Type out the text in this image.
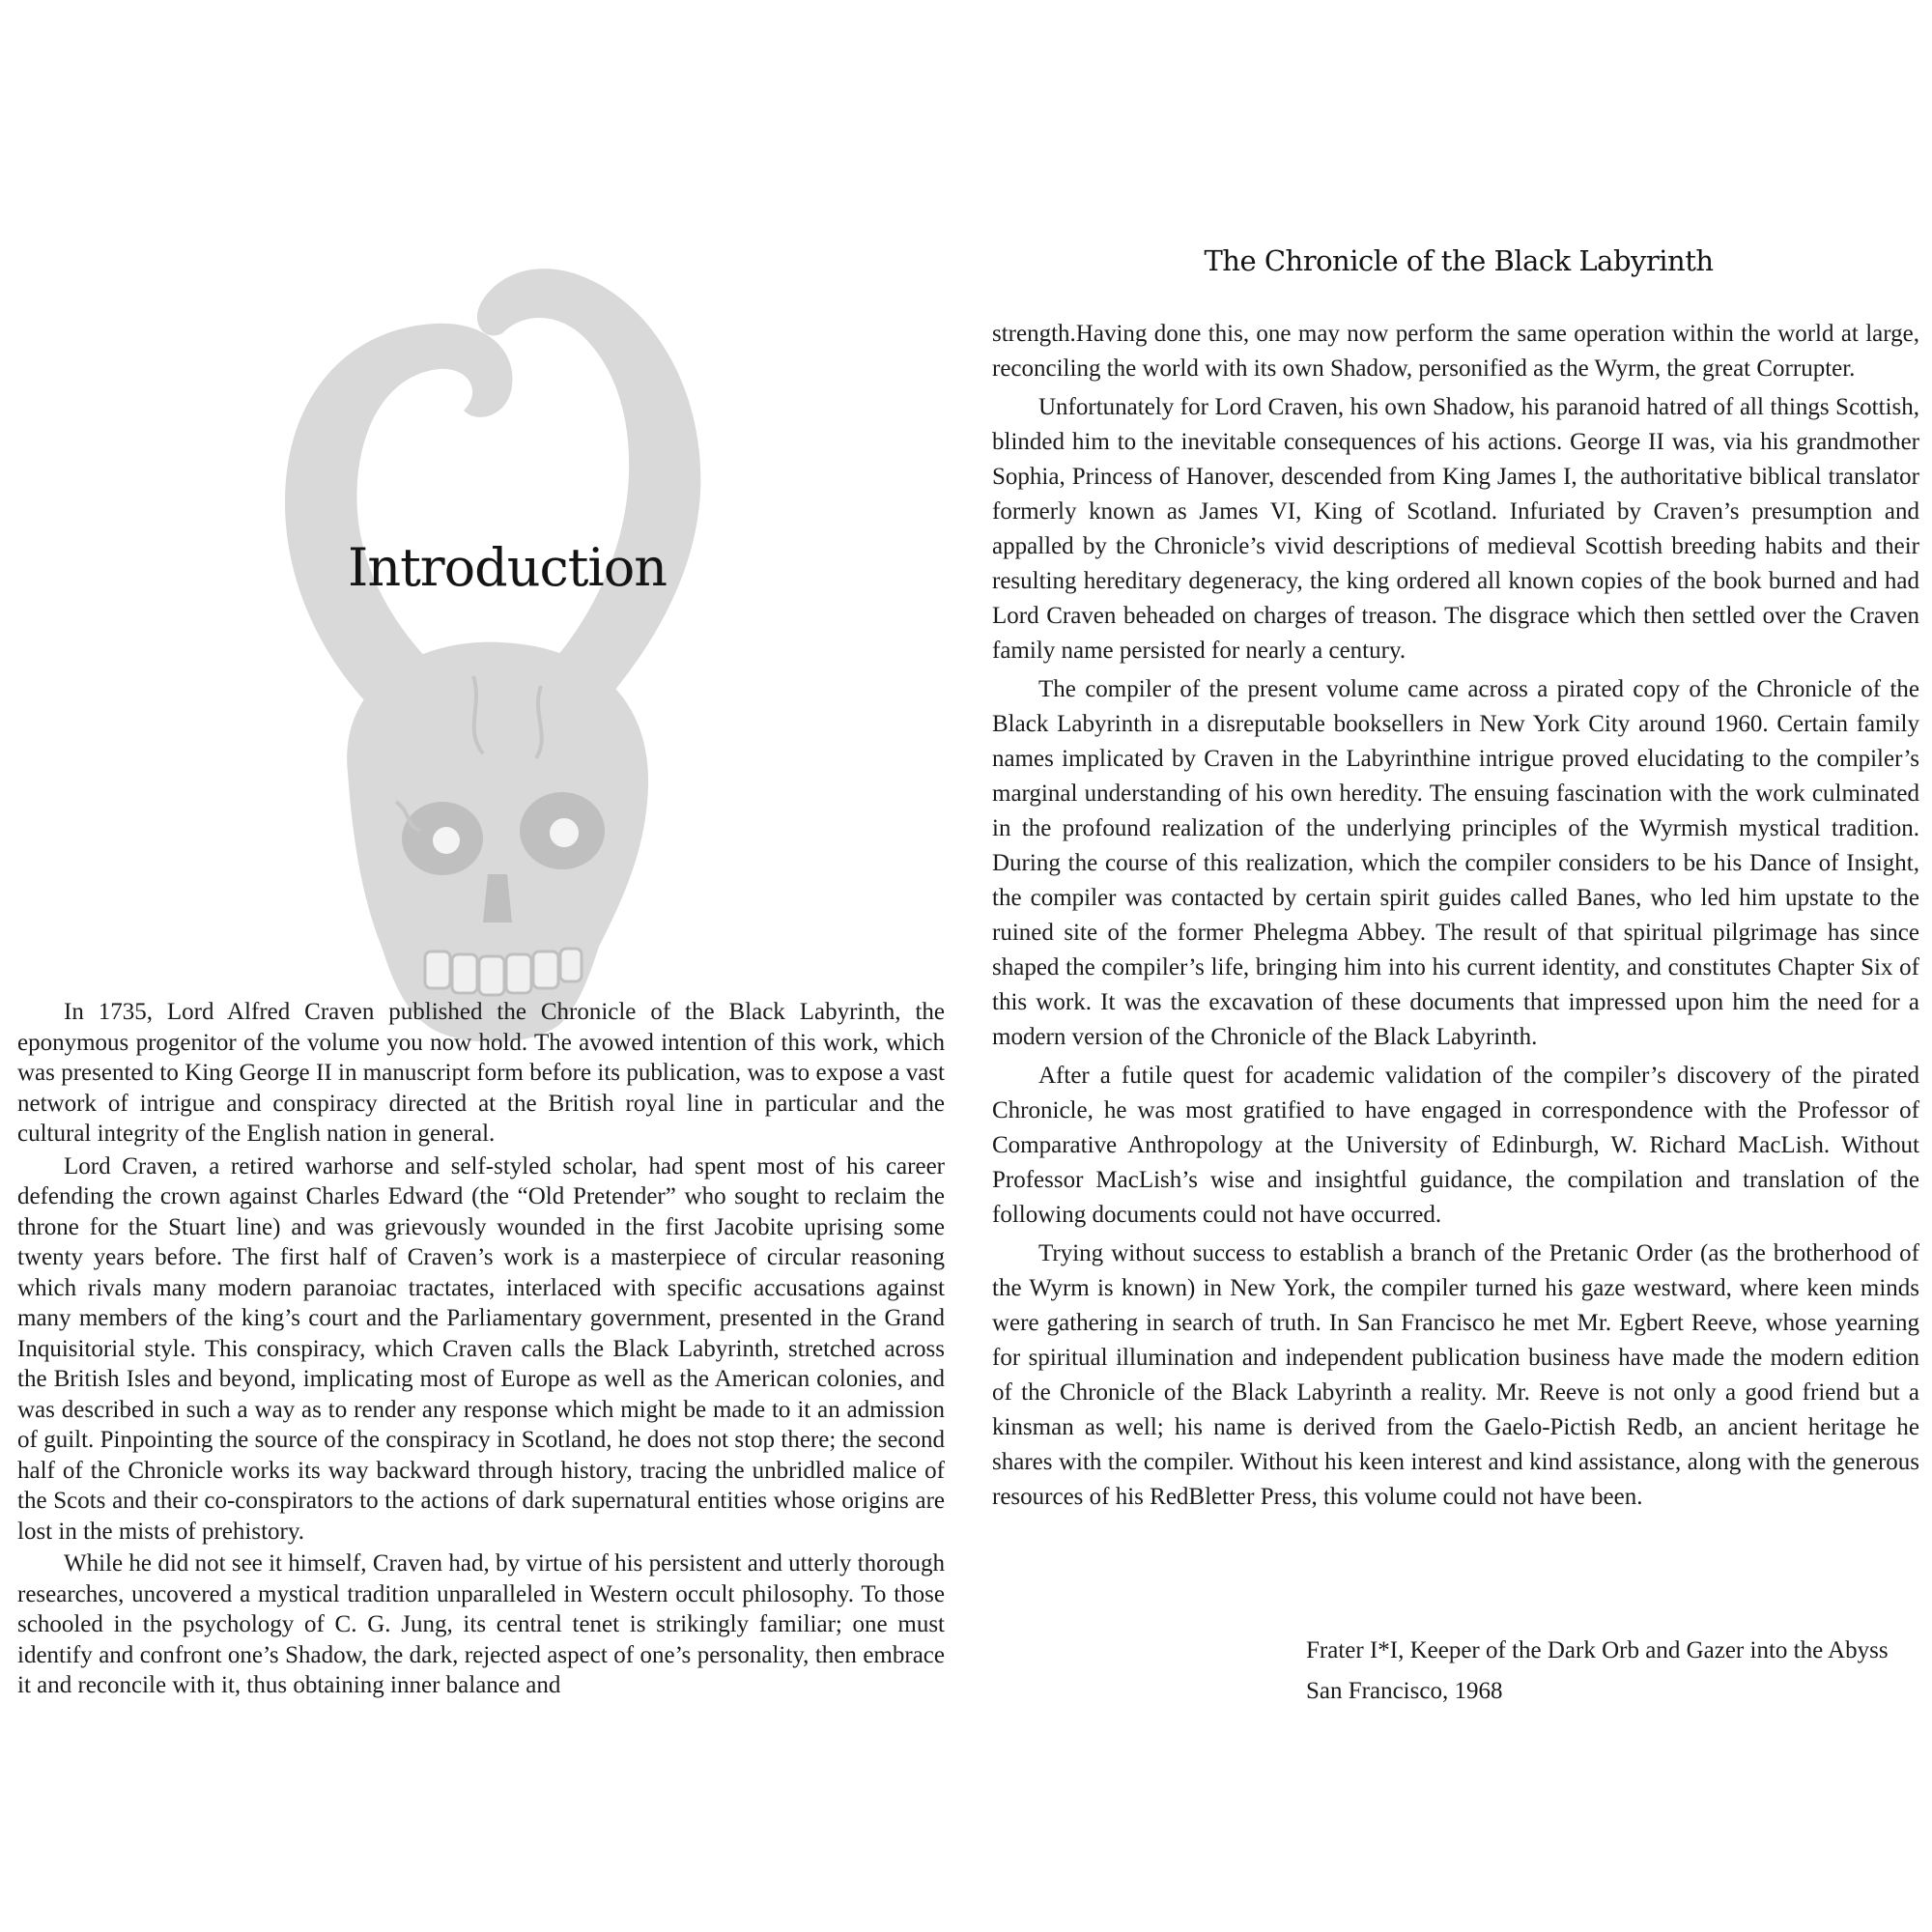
Introduction

In 1735, Lord Alfred Craven published the Chronicle of the Black Labyrinth, the eponymous progenitor of the volume you now hold. The avowed intention of this work, which was presented to King George II in manuscript form before its publication, was to expose a vast network of intrigue and conspiracy directed at the British royal line in particular and the cultural integrity of the English nation in general.

Lord Craven, a retired warhorse and self-styled scholar, had spent most of his career defending the crown against Charles Edward (the “Old Pretender” who sought to reclaim the throne for the Stuart line) and was grievously wounded in the first Jacobite uprising some twenty years before. The first half of Craven’s work is a masterpiece of circular reasoning which rivals many modern paranoiac tractates, interlaced with specific accusations against many members of the king’s court and the Parliamentary government, presented in the Grand Inquisitorial style. This conspiracy, which Craven calls the Black Labyrinth, stretched across the British Isles and beyond, implicating most of Europe as well as the American colonies, and was described in such a way as to render any response which might be made to it an admission of guilt. Pinpointing the source of the conspiracy in Scotland, he does not stop there; the second half of the Chronicle works its way backward through history, tracing the unbridled malice of the Scots and their co-conspirators to the actions of dark supernatural entities whose origins are lost in the mists of prehistory.

While he did not see it himself, Craven had, by virtue of his persistent and utterly thorough researches, uncovered a mystical tradition unparalleled in Western occult philosophy. To those schooled in the psychology of C. G. Jung, its central tenet is strikingly familiar; one must identify and confront one’s Shadow, the dark, rejected aspect of one’s personality, then embrace it and reconcile with it, thus obtaining inner balance and

The Chronicle of the Black Labyrinth

strength.Having done this, one may now perform the same operation within the world at large, reconciling the world with its own Shadow, personified as the Wyrm, the great Corrupter.

Unfortunately for Lord Craven, his own Shadow, his paranoid hatred of all things Scottish, blinded him to the inevitable consequences of his actions. George II was, via his grandmother Sophia, Princess of Hanover, descended from King James I, the authoritative biblical translator formerly known as James VI, King of Scotland. Infuriated by Craven’s presumption and appalled by the Chronicle’s vivid descriptions of medieval Scottish breeding habits and their resulting hereditary degeneracy, the king ordered all known copies of the book burned and had Lord Craven beheaded on charges of treason. The disgrace which then settled over the Craven family name persisted for nearly a century.

The compiler of the present volume came across a pirated copy of the Chronicle of the Black Labyrinth in a disreputable booksellers in New York City around 1960. Certain family names implicated by Craven in the Labyrinthine intrigue proved elucidating to the compiler’s marginal understanding of his own heredity. The ensuing fascination with the work culminated in the profound realization of the underlying principles of the Wyrmish mystical tradition. During the course of this realization, which the compiler considers to be his Dance of Insight, the compiler was contacted by certain spirit guides called Banes, who led him upstate to the ruined site of the former Phelegma Abbey. The result of that spiritual pilgrimage has since shaped the compiler’s life, bringing him into his current identity, and constitutes Chapter Six of this work. It was the excavation of these documents that impressed upon him the need for a modern version of the Chronicle of the Black Labyrinth.

After a futile quest for academic validation of the compiler’s discovery of the pirated Chronicle, he was most gratified to have engaged in correspondence with the Professor of Comparative Anthropology at the University of Edinburgh, W. Richard MacLish. Without Professor MacLish’s wise and insightful guidance, the compilation and translation of the following documents could not have occurred.

Trying without success to establish a branch of the Pretanic Order (as the brotherhood of the Wyrm is known) in New York, the compiler turned his gaze westward, where keen minds were gathering in search of truth. In San Francisco he met Mr. Egbert Reeve, whose yearning for spiritual illumination and independent publication business have made the modern edition of the Chronicle of the Black Labyrinth a reality. Mr. Reeve is not only a good friend but a kinsman as well; his name is derived from the Gaelo-Pictish Redb, an ancient heritage he shares with the compiler. Without his keen interest and kind assistance, along with the generous resources of his RedBletter Press, this volume could not have been.

Frater I*I, Keeper of the Dark Orb and Gazer into the Abyss
San Francisco, 1968
